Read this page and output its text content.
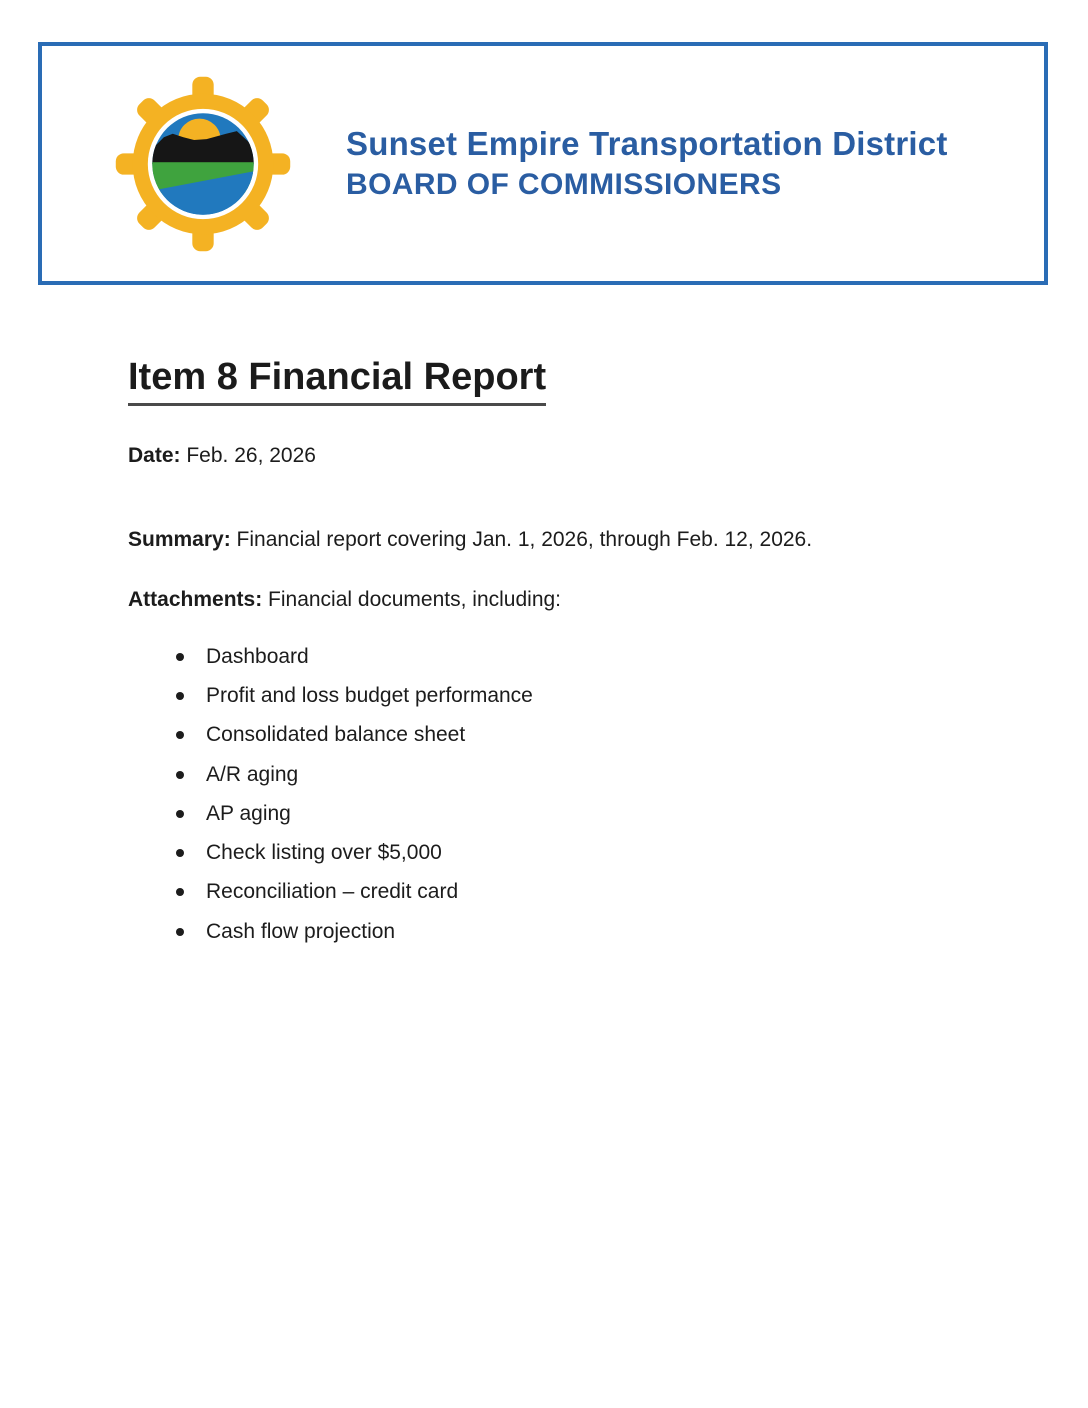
Sunset Empire Transportation District
BOARD OF COMMISSIONERS
Item 8 Financial Report

Date: Feb. 26, 2026

Summary: Financial report covering Jan. 1, 2026, through Feb. 12, 2026.

Attachments: Financial documents, including:

Dashboard
Profit and loss budget performance
Consolidated balance sheet
A/R aging
AP aging
Check listing over $5,000
Reconciliation – credit card
Cash flow projection
